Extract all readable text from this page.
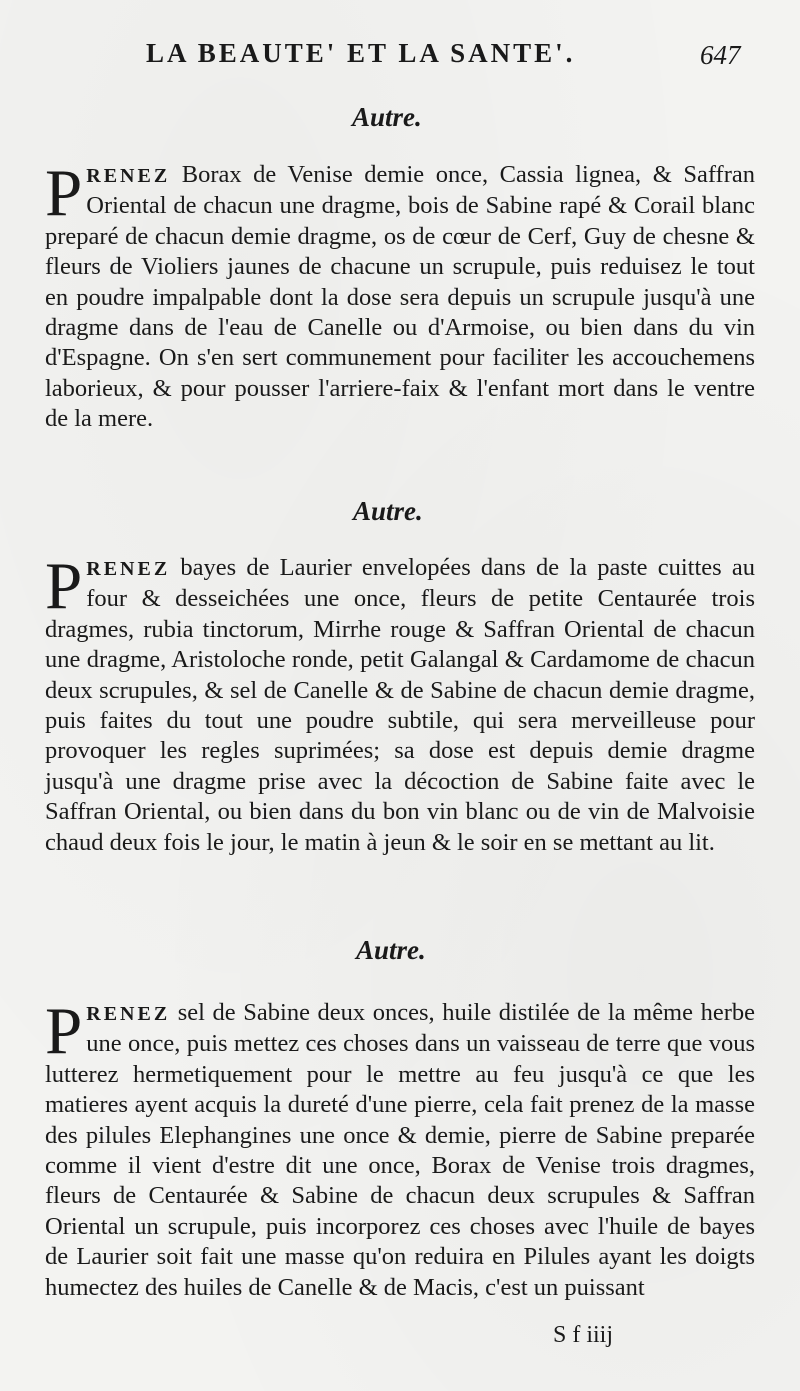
LA BEAUTE' ET LA SANTE'.	647
Autre.
PRENEZ Borax de Venise demie once, Cassia lignea, & Saffran Oriental de chacun une dragme, bois de Sabine rapé & Corail blanc preparé de chacun demie dragme, os de cœur de Cerf, Guy de chesne & fleurs de Violiers jaunes de chacune un scrupule, puis reduisez le tout en poudre impalpable dont la dose sera depuis un scrupule jusqu'à une dragme dans de l'eau de Canelle ou d'Armoise, ou bien dans du vin d'Espagne. On s'en sert communement pour faciliter les accouchemens laborieux, & pour pousser l'arriere-faix & l'enfant mort dans le ventre de la mere.
Autre.
PRENEZ bayes de Laurier envelopées dans de la paste cuittes au four & desseichées une once, fleurs de petite Centaurée trois dragmes, rubia tinctorum, Mirrhe rouge & Saffran Oriental de chacun une dragme, Aristoloche ronde, petit Galangal & Cardamome de chacun deux scrupules, & sel de Canelle & de Sabine de chacun demie dragme, puis faites du tout une poudre subtile, qui sera merveilleuse pour provoquer les regles suprimées; sa dose est depuis demie dragme jusqu'à une dragme prise avec la décoction de Sabine faite avec le Saffran Oriental, ou bien dans du bon vin blanc ou de vin de Malvoisie chaud deux fois le jour, le matin à jeun & le soir en se mettant au lit.
Autre.
PRENEZ sel de Sabine deux onces, huile distilée de la même herbe une once, puis mettez ces choses dans un vaisseau de terre que vous lutterez hermetiquement pour le mettre au feu jusqu'à ce que les matieres ayent acquis la dureté d'une pierre, cela fait prenez de la masse des pilules Elephangines une once & demie, pierre de Sabine preparée comme il vient d'estre dit une once, Borax de Venise trois dragmes, fleurs de Centaurée & Sabine de chacun deux scrupules & Saffran Oriental un scrupule, puis incorporez ces choses avec l'huile de bayes de Laurier soit fait une masse qu'on reduira en Pilules ayant les doigts humectez des huiles de Canelle & de Macis, c'est un puissant
S f iiij
